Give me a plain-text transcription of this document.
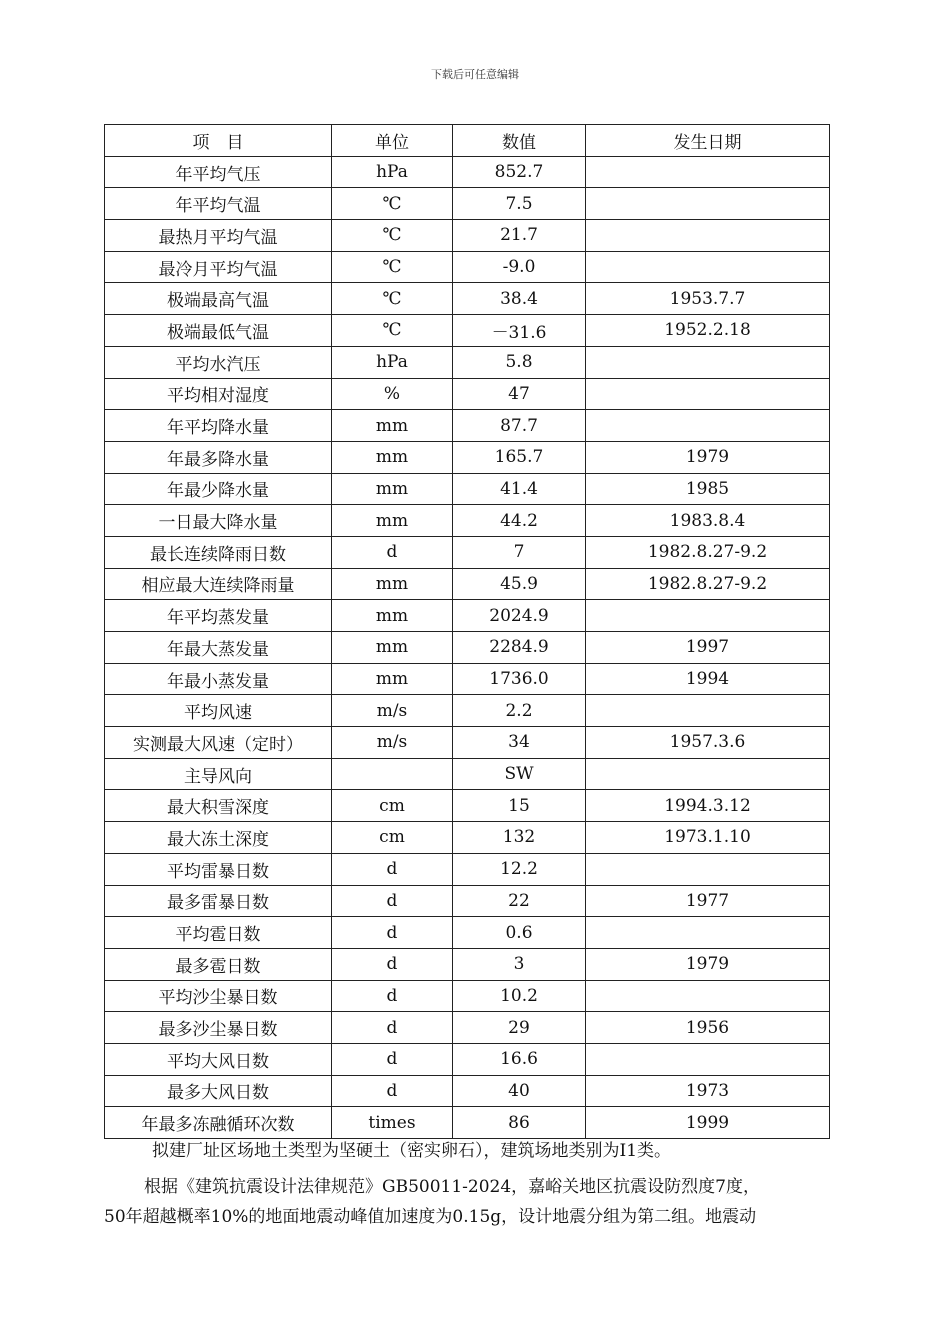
下载后可任意编辑
项　目	单位	数值	发生日期
年平均气压	hPa	852.7	
年平均气温	℃	7.5	
最热月平均气温	℃	21.7	
最冷月平均气温	℃	-9.0	
极端最高气温	℃	38.4	1953.7.7
极端最低气温	℃	－31.6	1952.2.18
平均水汽压	hPa	5.8	
平均相对湿度	%	47	
年平均降水量	mm	87.7	
年最多降水量	mm	165.7	1979
年最少降水量	mm	41.4	1985
一日最大降水量	mm	44.2	1983.8.4
最长连续降雨日数	d	7	1982.8.27-9.2
相应最大连续降雨量	mm	45.9	1982.8.27-9.2
年平均蒸发量	mm	2024.9	
年最大蒸发量	mm	2284.9	1997
年最小蒸发量	mm	1736.0	1994
平均风速	m/s	2.2	
实测最大风速（定时）	m/s	34	1957.3.6
主导风向		SW	
最大积雪深度	cm	15	1994.3.12
最大冻土深度	cm	132	1973.1.10
平均雷暴日数	d	12.2	
最多雷暴日数	d	22	1977
平均雹日数	d	0.6	
最多雹日数	d	3	1979
平均沙尘暴日数	d	10.2	
最多沙尘暴日数	d	29	1956
平均大风日数	d	16.6	
最多大风日数	d	40	1973
年最多冻融循环次数	times	86	1999
拟建厂址区场地土类型为坚硬土（密实卵石），建筑场地类别为Ⅰ1类。
根据《建筑抗震设计法律规范》GB50011-2024，嘉峪关地区抗震设防烈度7度，
50年超越概率10%的地面地震动峰值加速度为0.15g，设计地震分组为第二组。地震动
